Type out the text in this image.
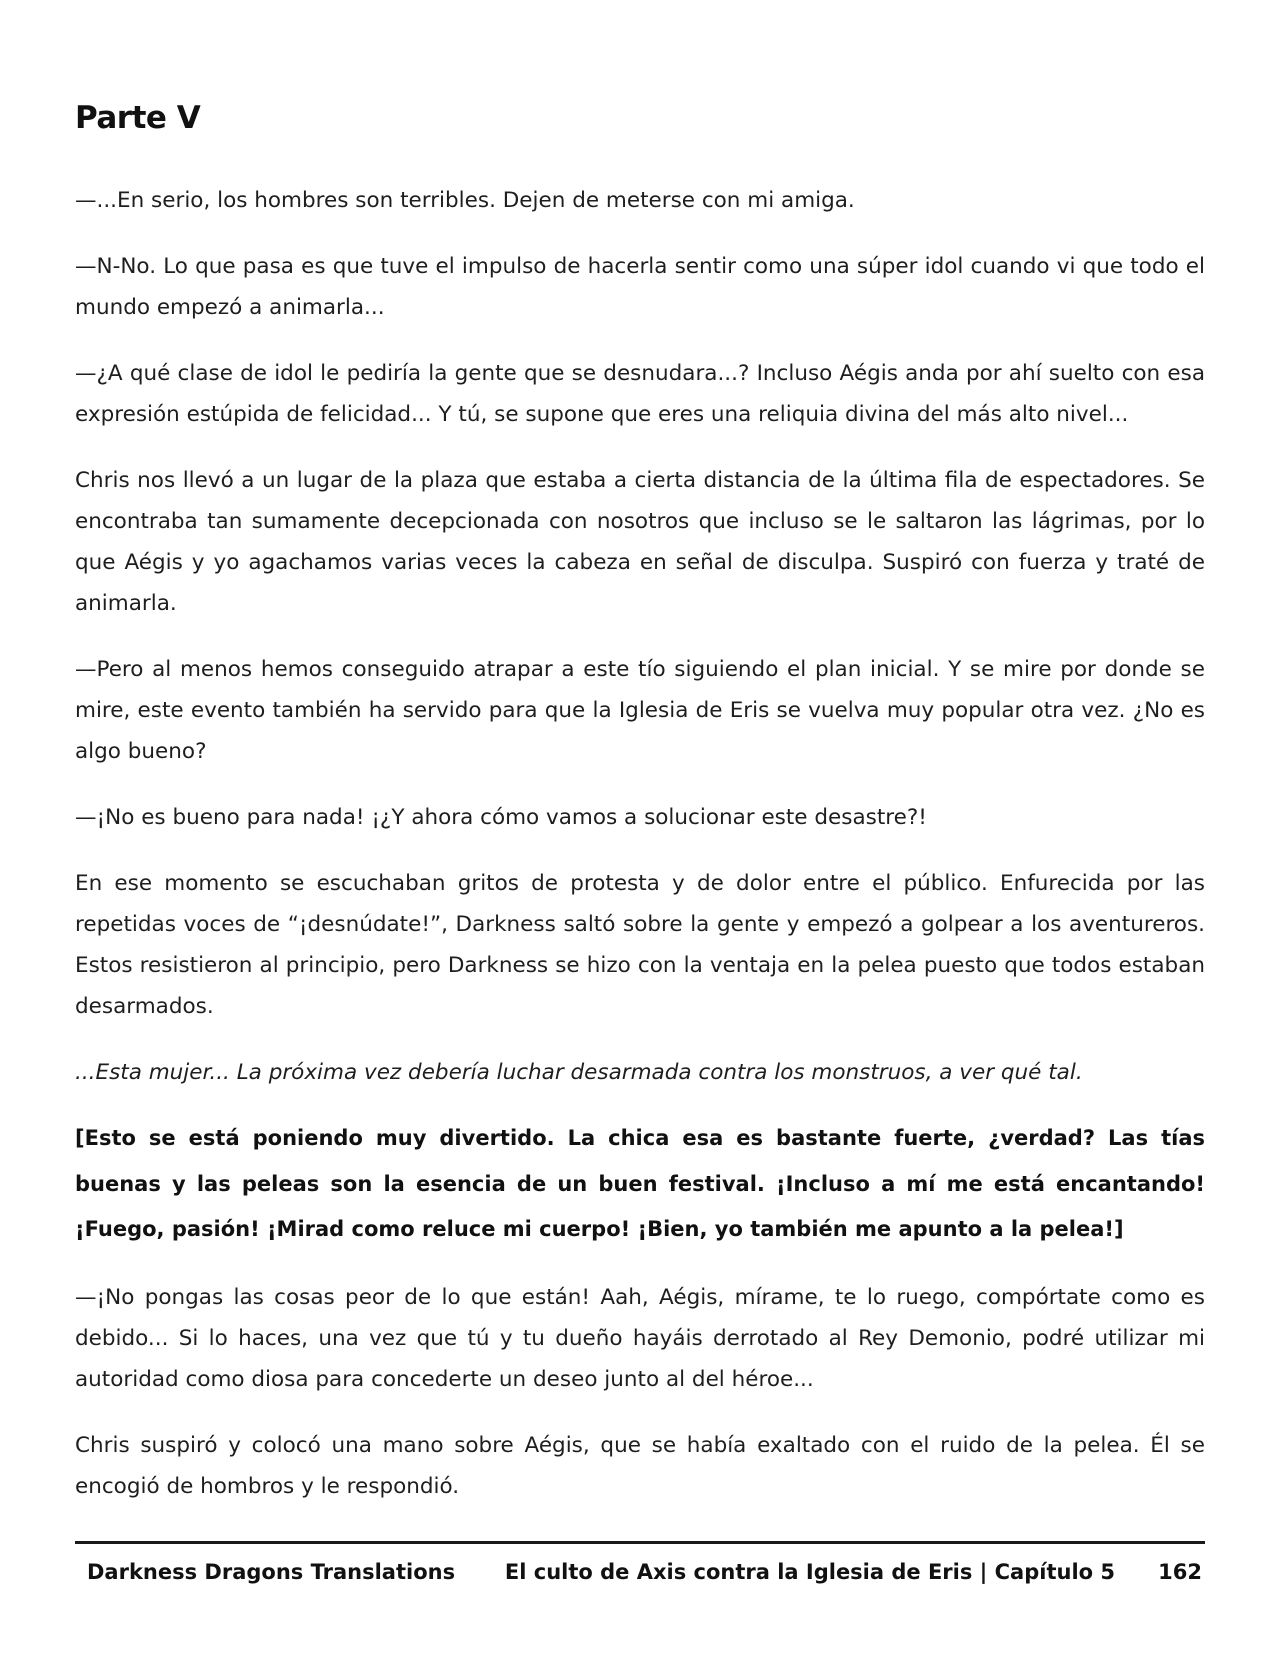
Parte V

—...En serio, los hombres son terribles. Dejen de meterse con mi amiga.

—N-No. Lo que pasa es que tuve el impulso de hacerla sentir como una súper idol cuando vi que todo el mundo empezó a animarla...

—¿A qué clase de idol le pediría la gente que se desnudara...? Incluso Aégis anda por ahí suelto con esa expresión estúpida de felicidad... Y tú, se supone que eres una reliquia divina del más alto nivel...

Chris nos llevó a un lugar de la plaza que estaba a cierta distancia de la última fila de espectadores. Se encontraba tan sumamente decepcionada con nosotros que incluso se le saltaron las lágrimas, por lo que Aégis y yo agachamos varias veces la cabeza en señal de disculpa. Suspiró con fuerza y traté de animarla.

—Pero al menos hemos conseguido atrapar a este tío siguiendo el plan inicial. Y se mire por donde se mire, este evento también ha servido para que la Iglesia de Eris se vuelva muy popular otra vez. ¿No es algo bueno?

—¡No es bueno para nada! ¡¿Y ahora cómo vamos a solucionar este desastre?!

En ese momento se escuchaban gritos de protesta y de dolor entre el público. Enfurecida por las repetidas voces de “¡desnúdate!”, Darkness saltó sobre la gente y empezó a golpear a los aventureros. Estos resistieron al principio, pero Darkness se hizo con la ventaja en la pelea puesto que todos estaban desarmados.

...Esta mujer... La próxima vez debería luchar desarmada contra los monstruos, a ver qué tal.

[Esto se está poniendo muy divertido. La chica esa es bastante fuerte, ¿verdad? Las tías buenas y las peleas son la esencia de un buen festival. ¡Incluso a mí me está encantando! ¡Fuego, pasión! ¡Mirad como reluce mi cuerpo! ¡Bien, yo también me apunto a la pelea!]

—¡No pongas las cosas peor de lo que están! Aah, Aégis, mírame, te lo ruego, compórtate como es debido... Si lo haces, una vez que tú y tu dueño hayáis derrotado al Rey Demonio, podré utilizar mi autoridad como diosa para concederte un deseo junto al del héroe...

Chris suspiró y colocó una mano sobre Aégis, que se había exaltado con el ruido de la pelea. Él se encogió de hombros y le respondió.

Darkness Dragons Translations El culto de Axis contra la Iglesia de Eris | Capítulo 5 162
